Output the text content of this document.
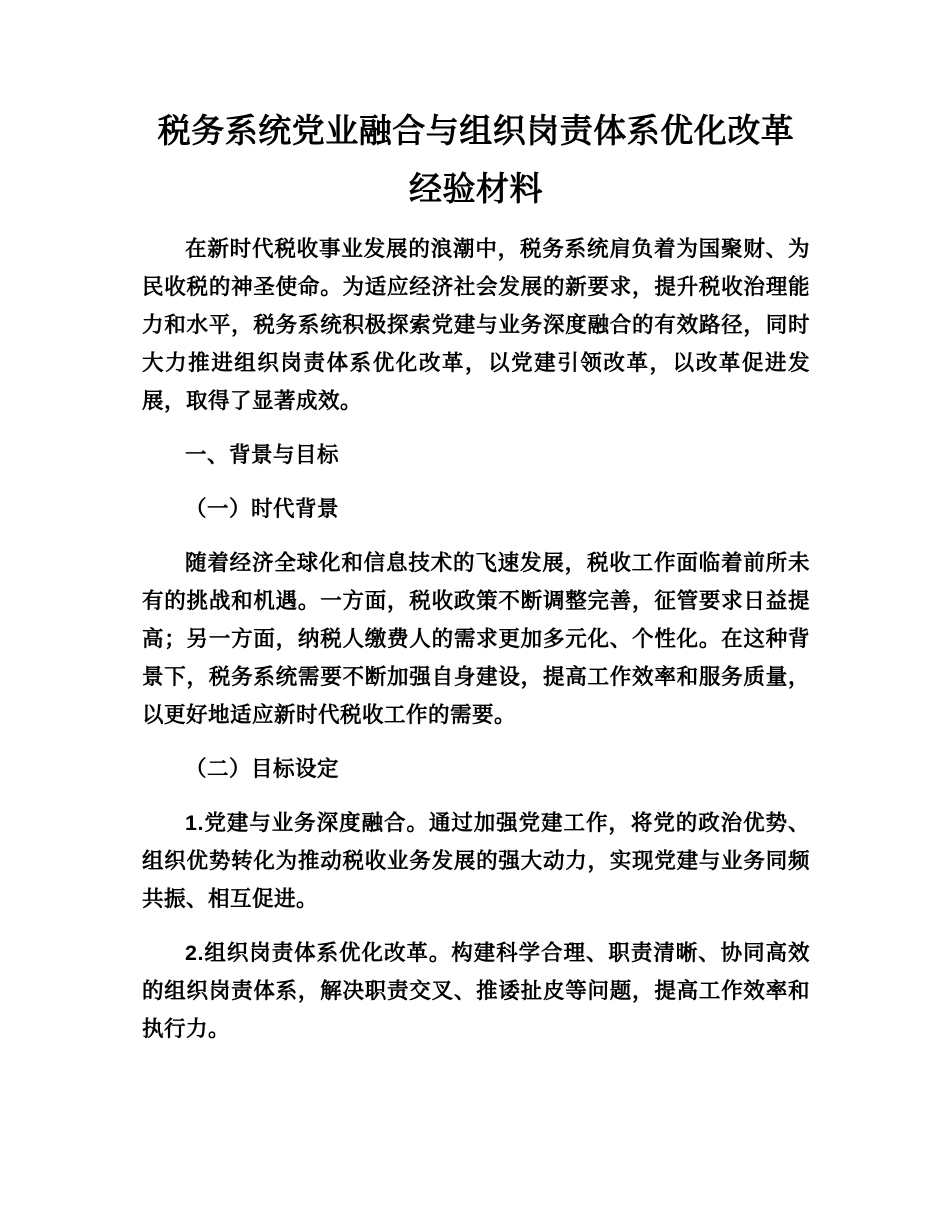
税务系统党业融合与组织岗责体系优化改革经验材料

在新时代税收事业发展的浪潮中，税务系统肩负着为国聚财、为民收税的神圣使命。为适应经济社会发展的新要求，提升税收治理能力和水平，税务系统积极探索党建与业务深度融合的有效路径，同时大力推进组织岗责体系优化改革，以党建引领改革，以改革促进发展，取得了显著成效。

一、背景与目标

（一）时代背景

随着经济全球化和信息技术的飞速发展，税收工作面临着前所未有的挑战和机遇。一方面，税收政策不断调整完善，征管要求日益提高；另一方面，纳税人缴费人的需求更加多元化、个性化。在这种背景下，税务系统需要不断加强自身建设，提高工作效率和服务质量，以更好地适应新时代税收工作的需要。

（二）目标设定

1.党建与业务深度融合。通过加强党建工作，将党的政治优势、组织优势转化为推动税收业务发展的强大动力，实现党建与业务同频共振、相互促进。

2.组织岗责体系优化改革。构建科学合理、职责清晰、协同高效的组织岗责体系，解决职责交叉、推诿扯皮等问题，提高工作效率和执行力。
